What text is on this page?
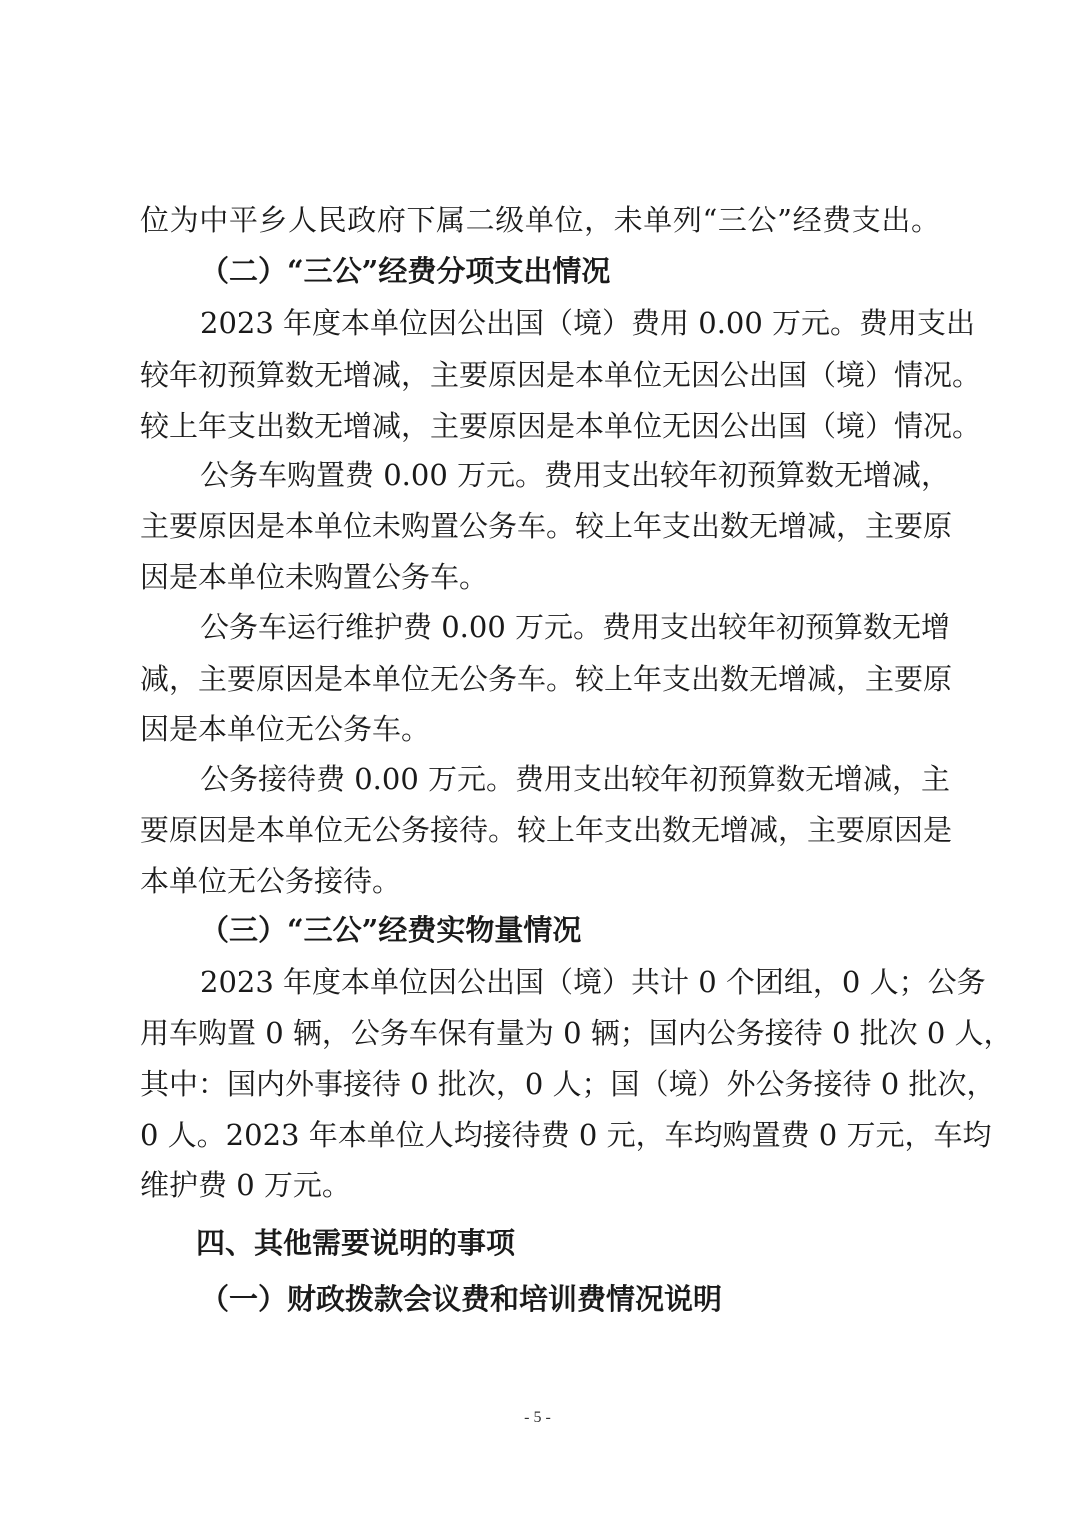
位为中平乡人民政府下属二级单位，未单列“三公”经费支出。
（二）“三公”经费分项支出情况
2023 年度本单位因公出国（境）费用 0.00 万元。费用支出
较年初预算数无增减，主要原因是本单位无因公出国（境）情况。
较上年支出数无增减，主要原因是本单位无因公出国（境）情况。
公务车购置费 0.00 万元。费用支出较年初预算数无增减，
主要原因是本单位未购置公务车。较上年支出数无增减，主要原
因是本单位未购置公务车。
公务车运行维护费 0.00 万元。费用支出较年初预算数无增
减，主要原因是本单位无公务车。较上年支出数无增减，主要原
因是本单位无公务车。
公务接待费 0.00 万元。费用支出较年初预算数无增减，主
要原因是本单位无公务接待。较上年支出数无增减，主要原因是
本单位无公务接待。
（三）“三公”经费实物量情况
2023 年度本单位因公出国（境）共计 0 个团组，0 人；公务
用车购置 0 辆，公务车保有量为 0 辆；国内公务接待 0 批次 0 人，
其中：国内外事接待 0 批次，0 人；国（境）外公务接待 0 批次，
0 人。2023 年本单位人均接待费 0 元，车均购置费 0 万元，车均
维护费 0 万元。
四、其他需要说明的事项
（一）财政拨款会议费和培训费情况说明
- 5 -
